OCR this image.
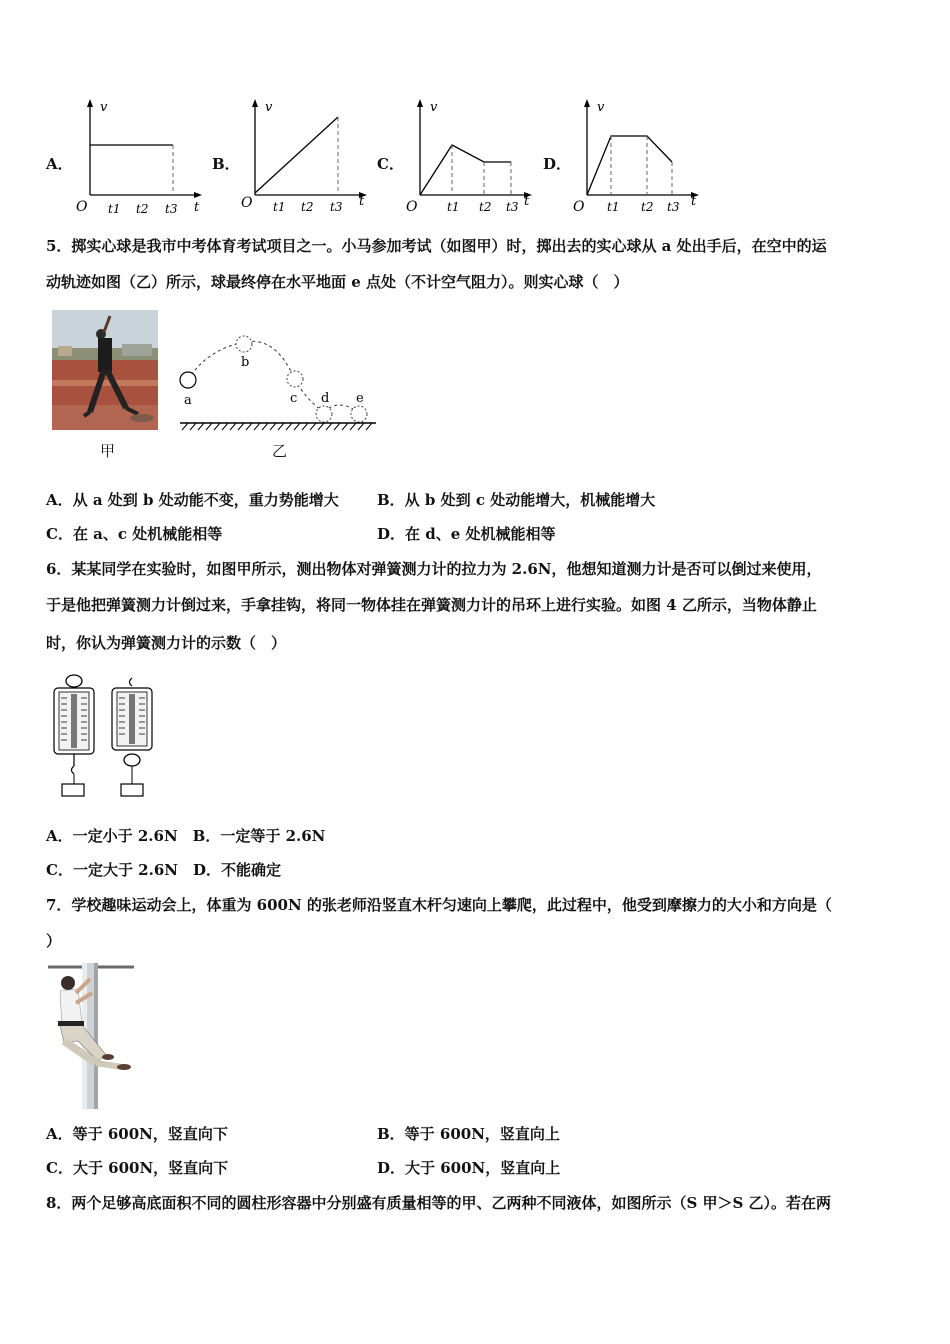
A．
v
t
O t1 t2 t3
B．
v
t
O t1 t2 t3
C．
v
t
O t1 t2 t3
D．
v
t
O t1 t2 t3
5．掷实心球是我市中考体育考试项目之一。小马参加考试（如图甲）时，掷出去的实心球从 a 处出手后，在空中的运
动轨迹如图（乙）所示，球最终停在水平地面 e 点处（不计空气阻力）。则实心球（　）
甲
a
b
c d e
乙
A．从 a 处到 b 处动能不变，重力势能增大	B．从 b 处到 c 处动能增大，机械能增大
C．在 a、c 处机械能相等	D．在 d、e 处机械能相等
6．某某同学在实验时，如图甲所示，测出物体对弹簧测力计的拉力为 2.6N，他想知道测力计是否可以倒过来使用，
于是他把弹簧测力计倒过来，手拿挂钩，将同一物体挂在弹簧测力计的吊环上进行实验。如图 4 乙所示，当物体静止
时，你认为弹簧测力计的示数（　）
A．一定小于 2.6N　B．一定等于 2.6N
C．一定大于 2.6N　D．不能确定
7．学校趣味运动会上，体重为 600N 的张老师沿竖直木杆匀速向上攀爬，此过程中，他受到摩擦力的大小和方向是（
）
A．等于 600N，竖直向下	B．等于 600N，竖直向上
C．大于 600N，竖直向下	D．大于 600N，竖直向上
8．两个足够高底面积不同的圆柱形容器中分别盛有质量相等的甲、乙两种不同液体，如图所示（S 甲＞S 乙）。若在两
